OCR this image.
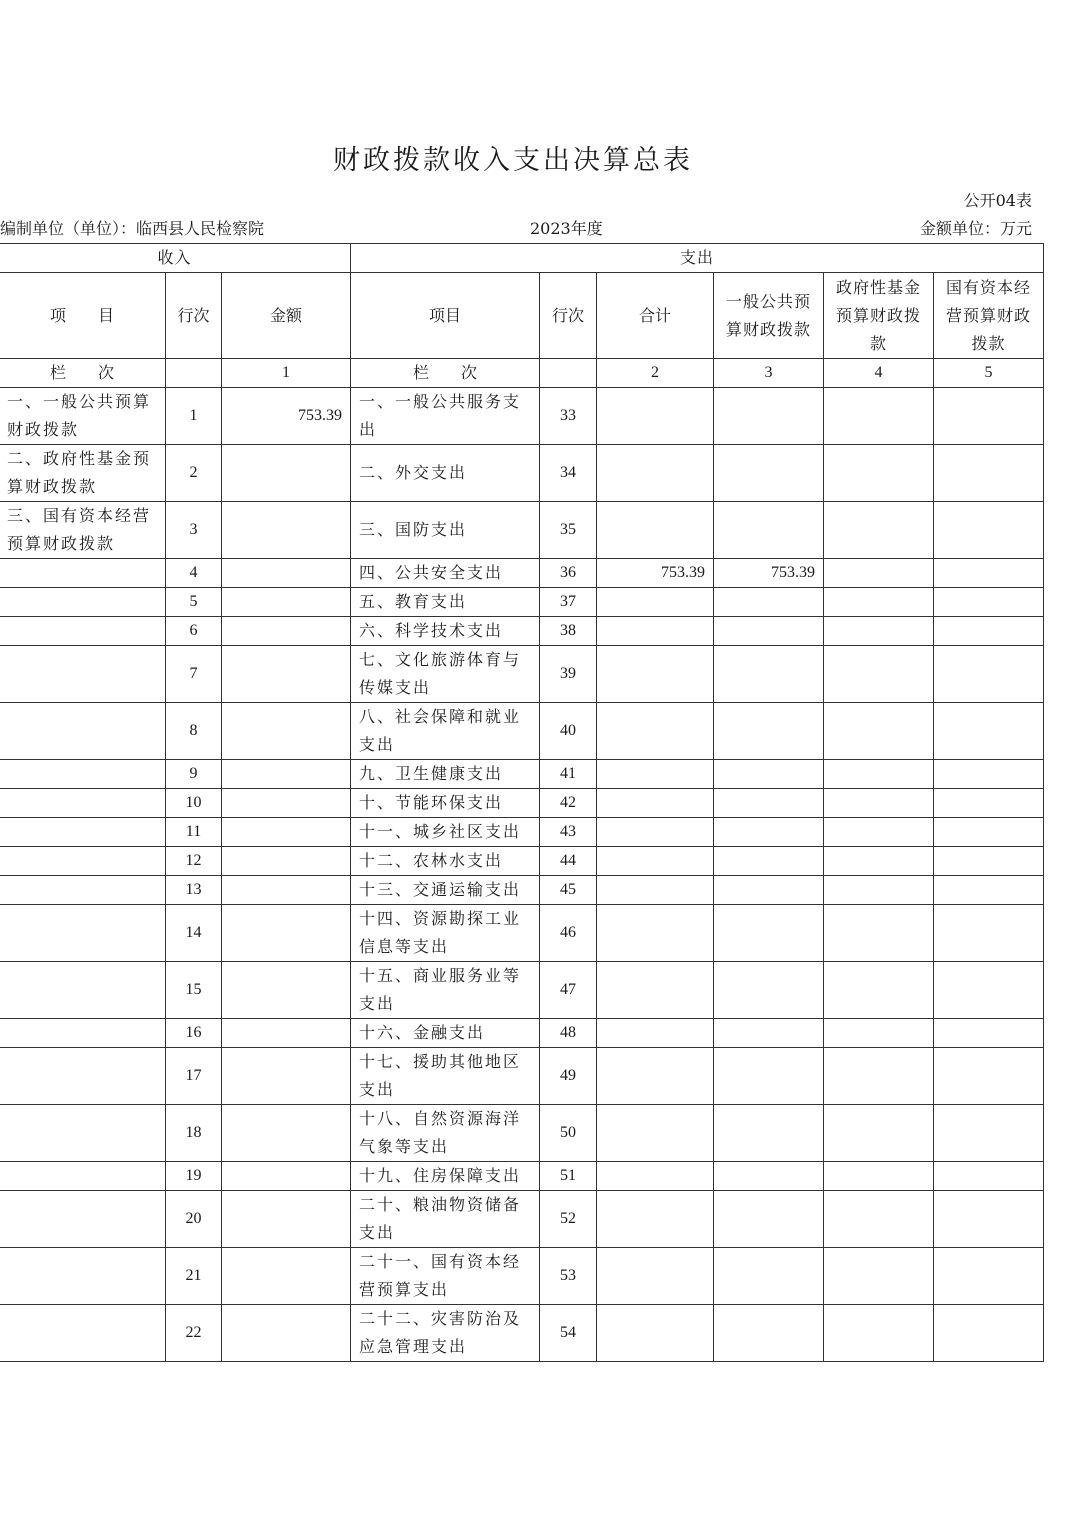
财政拨款收入支出决算总表
公开04表
编制单位（单位）：临西县人民检察院	2023年度	金额单位：万元
收入			支出					
项　　目	行次	金额	项目	行次	合计	一般公共预算财政拨款	政府性基金预算财政拨款	国有资本经营预算财政拨款
栏　　次		1	栏　　次		2	3	4	5
一、一般公共预算财政拨款	1	753.39	一、一般公共服务支出	33				
二、政府性基金预算财政拨款	2		二、外交支出	34				
三、国有资本经营预算财政拨款	3		三、国防支出	35				
	4		四、公共安全支出	36	753.39	753.39		
	5		五、教育支出	37				
	6		六、科学技术支出	38				
	7		七、文化旅游体育与传媒支出	39				
	8		八、社会保障和就业支出	40				
	9		九、卫生健康支出	41				
	10		十、节能环保支出	42				
	11		十一、城乡社区支出	43				
	12		十二、农林水支出	44				
	13		十三、交通运输支出	45				
	14		十四、资源勘探工业信息等支出	46				
	15		十五、商业服务业等支出	47				
	16		十六、金融支出	48				
	17		十七、援助其他地区支出	49				
	18		十八、自然资源海洋气象等支出	50				
	19		十九、住房保障支出	51				
	20		二十、粮油物资储备支出	52				
	21		二十一、国有资本经营预算支出	53				
	22		二十二、灾害防治及应急管理支出	54				
